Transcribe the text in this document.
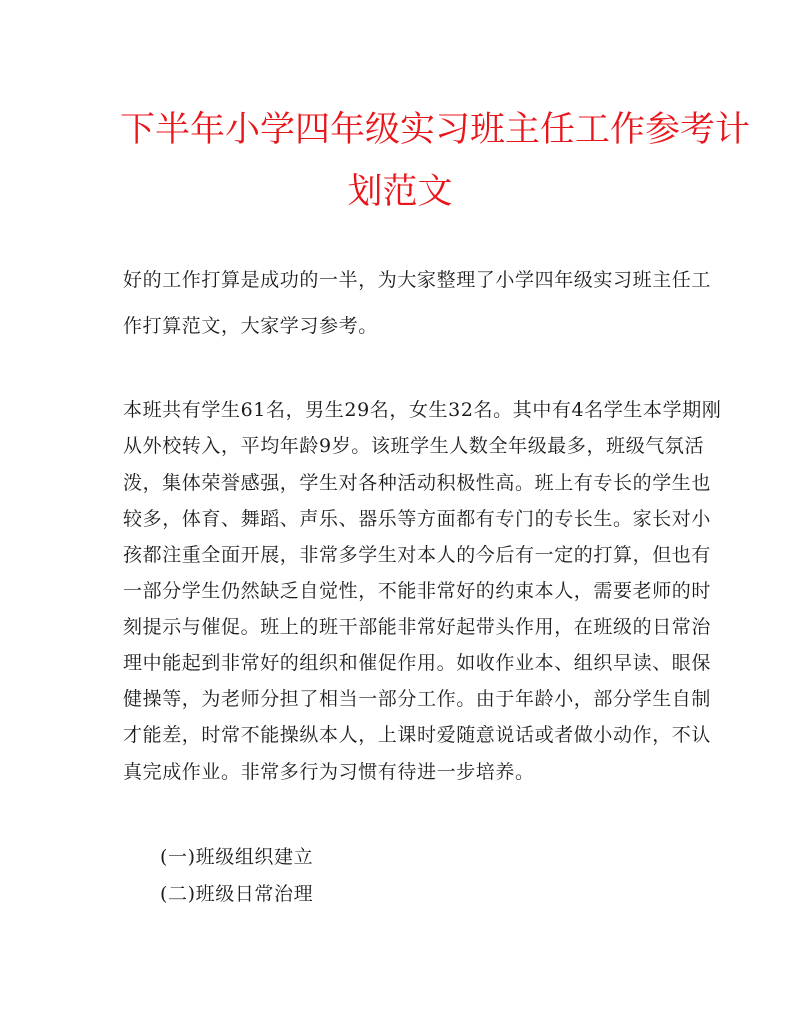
下半年小学四年级实习班主任工作参考计
划范文

好的工作打算是成功的一半，为大家整理了小学四年级实习班主任工

作打算范文，大家学习参考。

本班共有学生61名，男生29名，女生32名。其中有4名学生本学期刚

从外校转入，平均年龄9岁。该班学生人数全年级最多，班级气氛活

泼，集体荣誉感强，学生对各种活动积极性高。班上有专长的学生也

较多，体育、舞蹈、声乐、器乐等方面都有专门的专长生。家长对小

孩都注重全面开展，非常多学生对本人的今后有一定的打算，但也有

一部分学生仍然缺乏自觉性，不能非常好的约束本人，需要老师的时

刻提示与催促。班上的班干部能非常好起带头作用，在班级的日常治

理中能起到非常好的组织和催促作用。如收作业本、组织早读、眼保

健操等，为老师分担了相当一部分工作。由于年龄小，部分学生自制

才能差，时常不能操纵本人，上课时爱随意说话或者做小动作，不认

真完成作业。非常多行为习惯有待进一步培养。

(一)班级组织建立

(二)班级日常治理
